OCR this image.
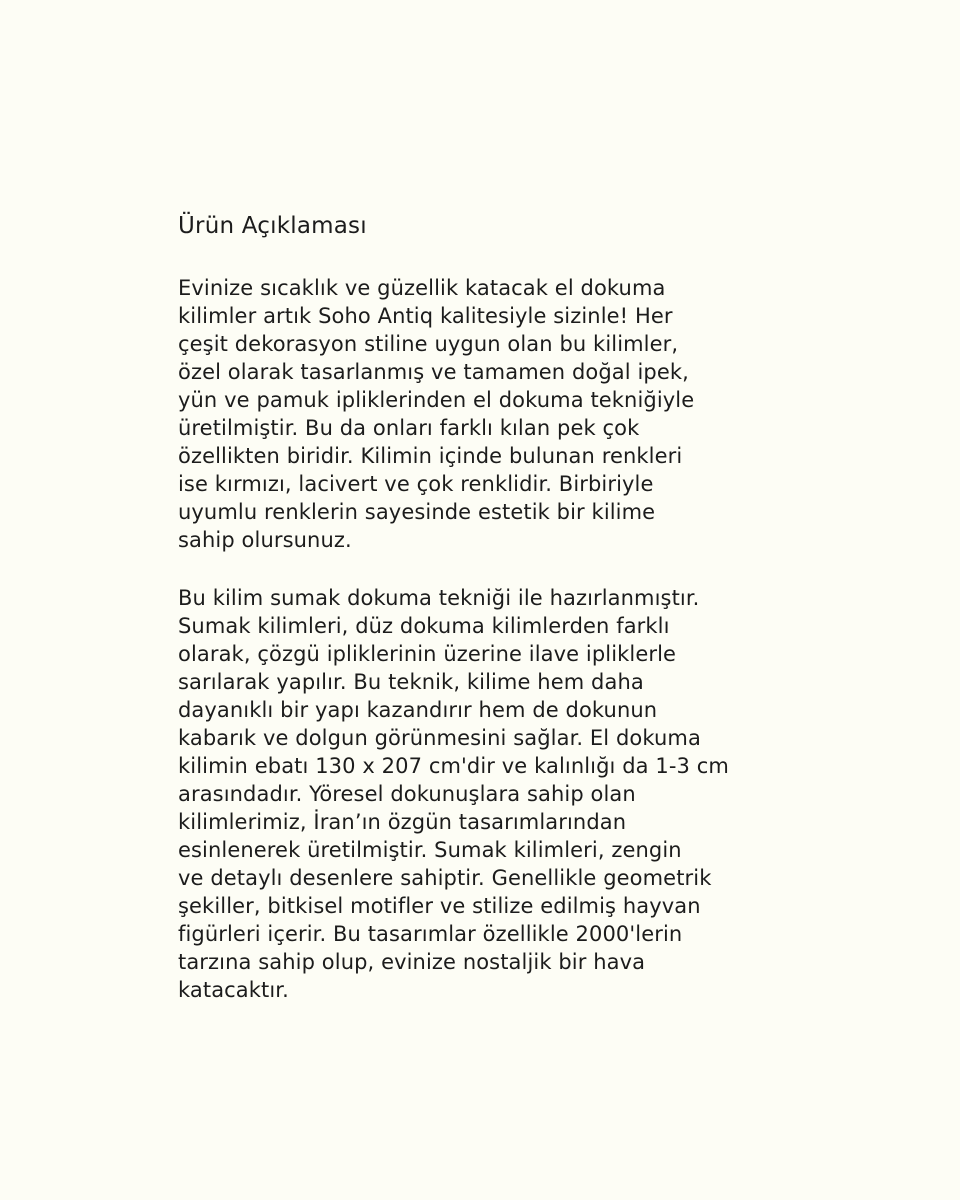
Ürün Açıklaması
Evinize sıcaklık ve güzellik katacak el dokuma
kilimler artık Soho Antiq kalitesiyle sizinle! Her
çeşit dekorasyon stiline uygun olan bu kilimler,
özel olarak tasarlanmış ve tamamen doğal ipek,
yün ve pamuk ipliklerinden el dokuma tekniğiyle
üretilmiştir. Bu da onları farklı kılan pek çok
özellikten biridir. Kilimin içinde bulunan renkleri
ise kırmızı, lacivert ve çok renklidir. Birbiriyle
uyumlu renklerin sayesinde estetik bir kilime
sahip olursunuz.
Bu kilim sumak dokuma tekniği ile hazırlanmıştır.
Sumak kilimleri, düz dokuma kilimlerden farklı
olarak, çözgü ipliklerinin üzerine ilave ipliklerle
sarılarak yapılır. Bu teknik, kilime hem daha
dayanıklı bir yapı kazandırır hem de dokunun
kabarık ve dolgun görünmesini sağlar. El dokuma
kilimin ebatı 130 x 207 cm'dir ve kalınlığı da 1-3 cm
arasındadır. Yöresel dokunuşlara sahip olan
kilimlerimiz, İran’ın özgün tasarımlarından
esinlenerek üretilmiştir. Sumak kilimleri, zengin
ve detaylı desenlere sahiptir. Genellikle geometrik
şekiller, bitkisel motifler ve stilize edilmiş hayvan
figürleri içerir. Bu tasarımlar özellikle 2000'lerin
tarzına sahip olup, evinize nostaljik bir hava
katacaktır.
